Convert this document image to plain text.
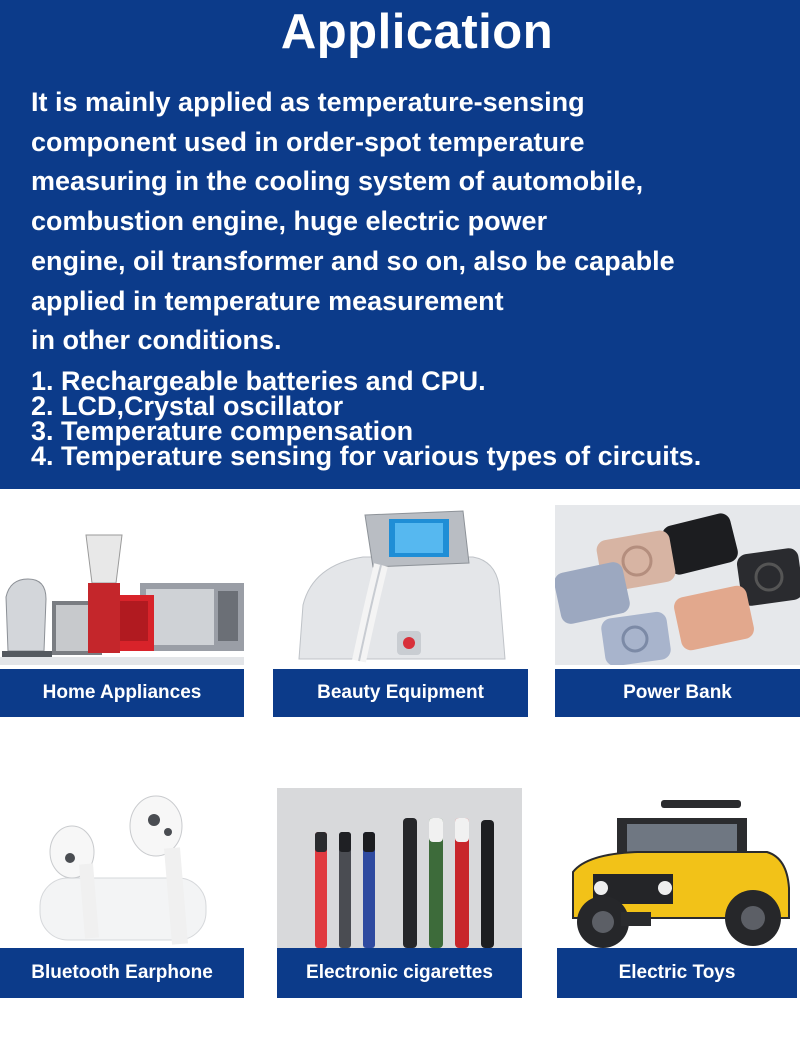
Application
It is mainly applied as temperature-sensing
component used in order-spot temperature
measuring in the cooling system of automobile,
combustion engine, huge electric power
engine, oil transformer and so on, also be capable
applied in temperature measurement
in other conditions.
1. Rechargeable batteries and CPU.
2. LCD,Crystal oscillator
3. Temperature compensation
4. Temperature sensing for various types of circuits.
Home Appliances	Beauty Equipment	Power Bank
Bluetooth Earphone	Electronic cigarettes	Electric Toys
